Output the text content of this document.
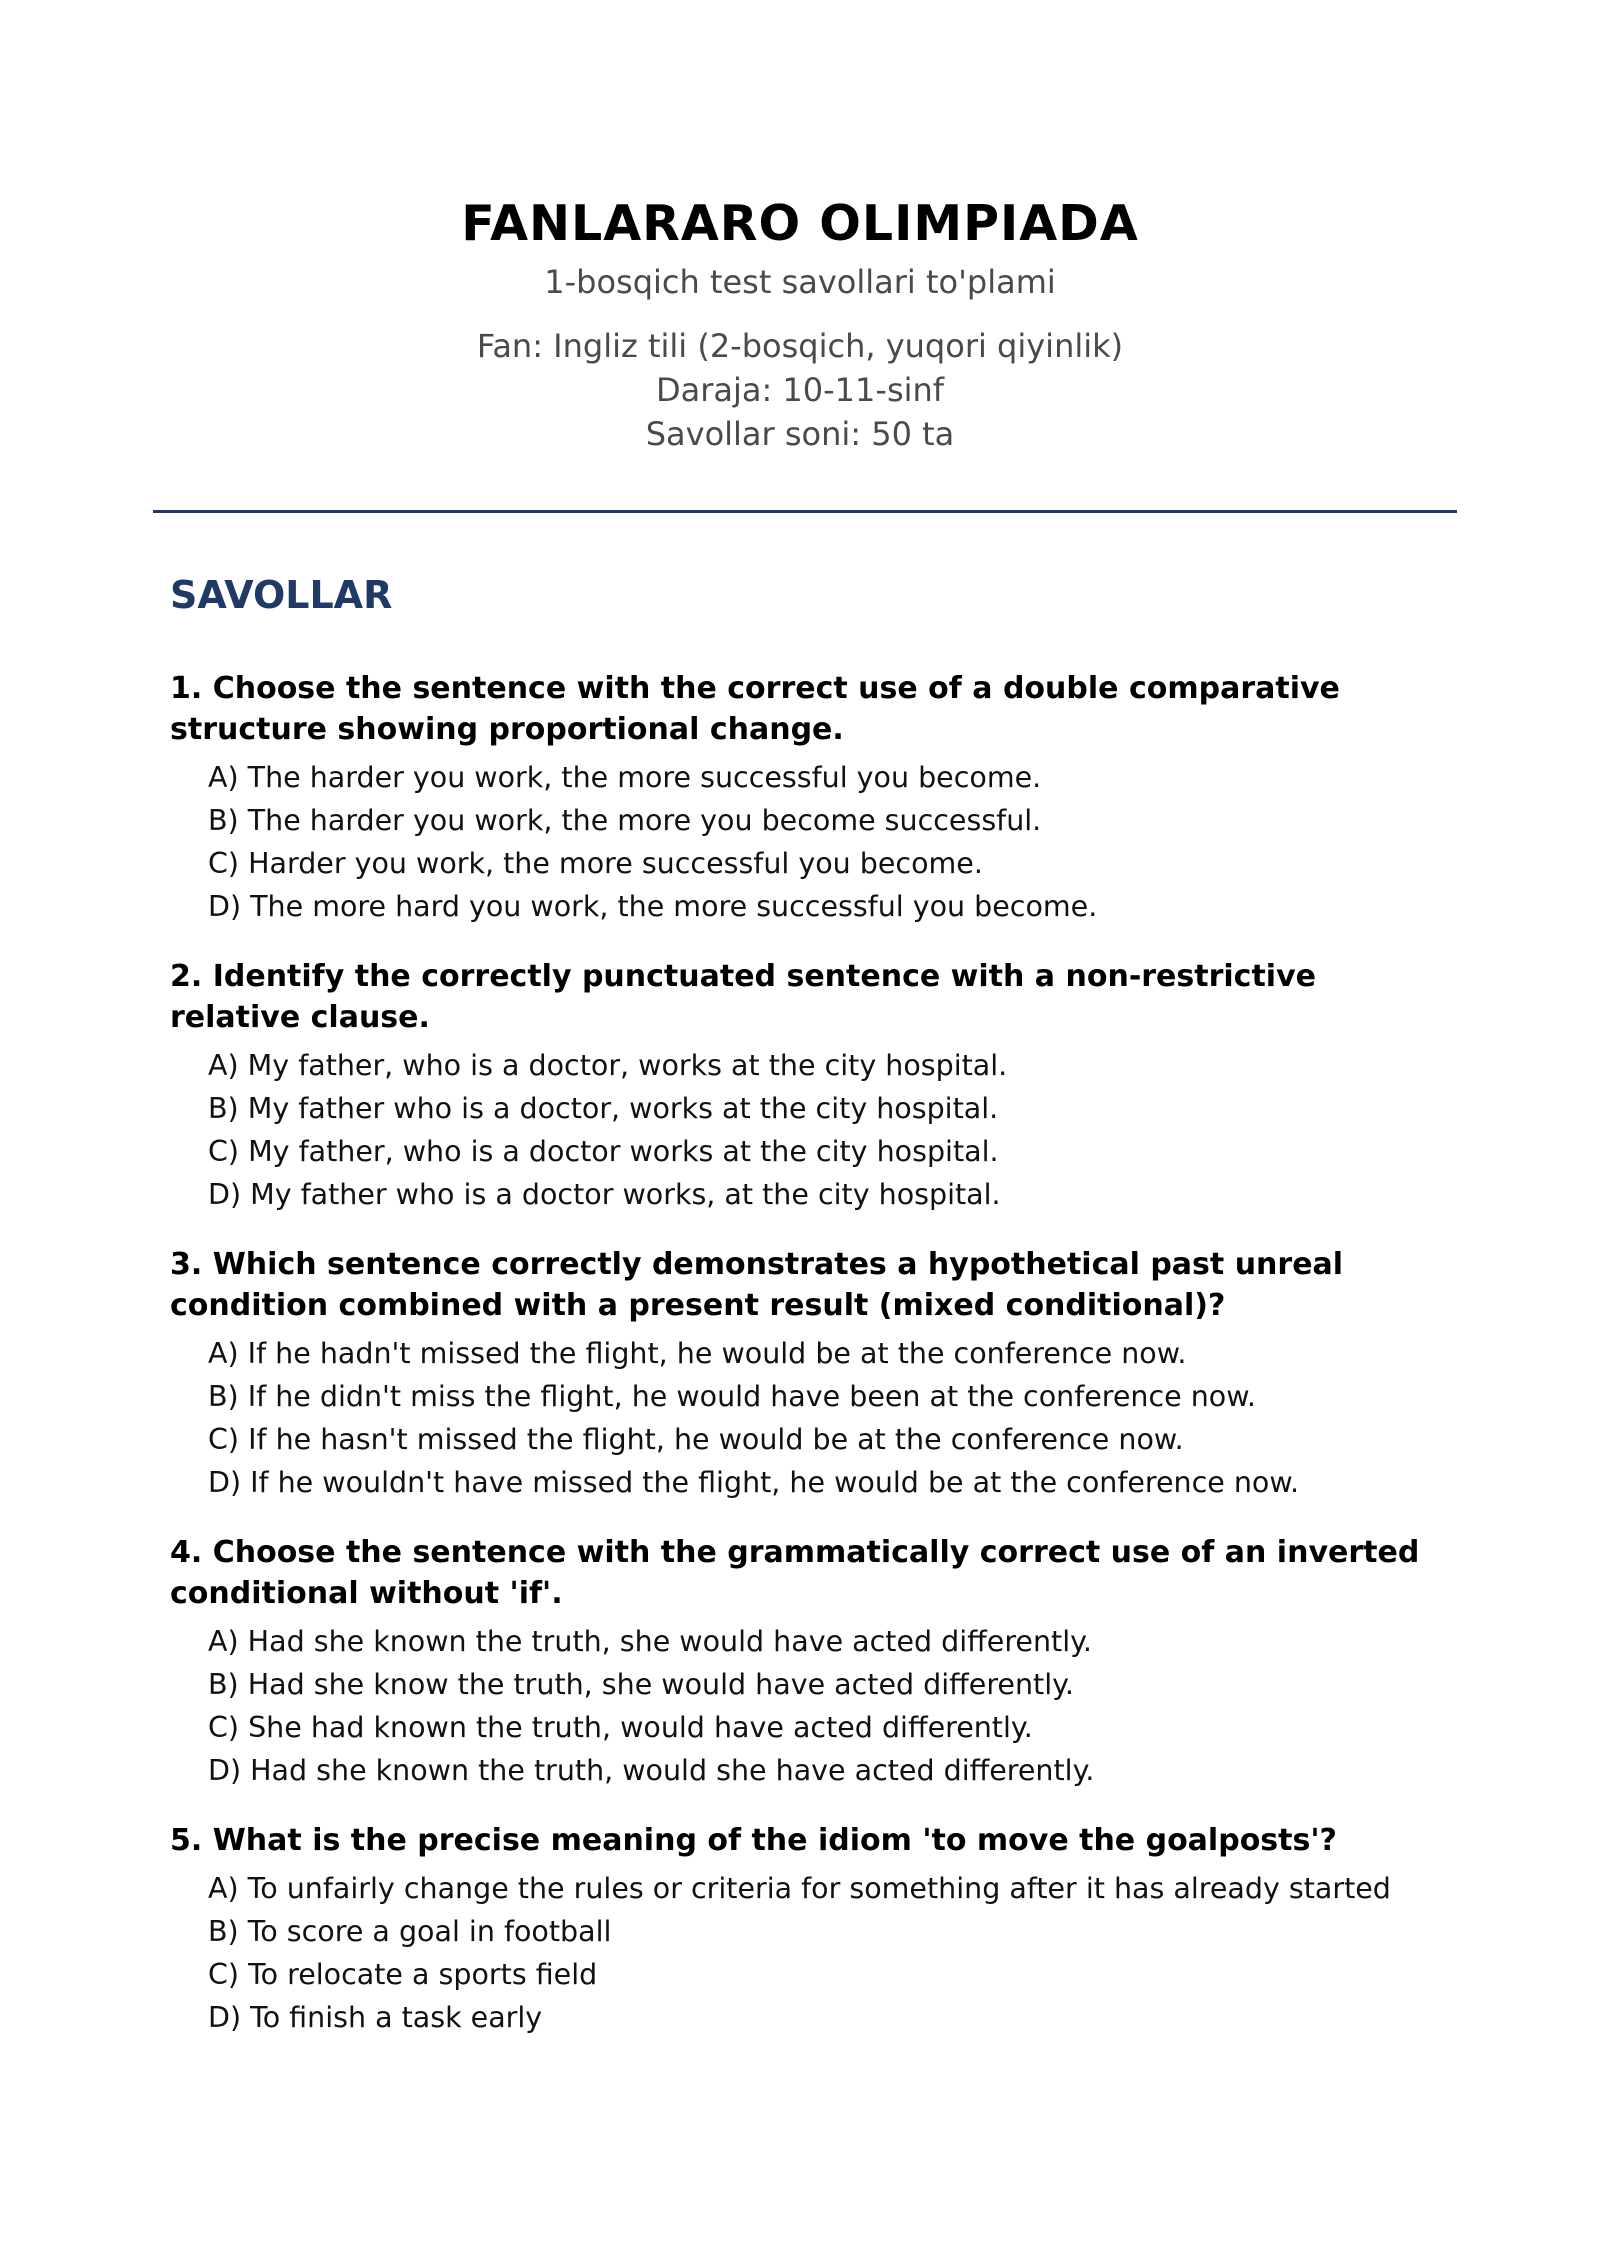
FANLARARO OLIMPIADA
1-bosqich test savollari to'plami
Fan: Ingliz tili (2-bosqich, yuqori qiyinlik)
Daraja: 10-11-sinf
Savollar soni: 50 ta
SAVOLLAR
1. Choose the sentence with the correct use of a double comparative structure showing proportional change.
A) The harder you work, the more successful you become.
B) The harder you work, the more you become successful.
C) Harder you work, the more successful you become.
D) The more hard you work, the more successful you become.
2. Identify the correctly punctuated sentence with a non-restrictive relative clause.
A) My father, who is a doctor, works at the city hospital.
B) My father who is a doctor, works at the city hospital.
C) My father, who is a doctor works at the city hospital.
D) My father who is a doctor works, at the city hospital.
3. Which sentence correctly demonstrates a hypothetical past unreal condition combined with a present result (mixed conditional)?
A) If he hadn't missed the flight, he would be at the conference now.
B) If he didn't miss the flight, he would have been at the conference now.
C) If he hasn't missed the flight, he would be at the conference now.
D) If he wouldn't have missed the flight, he would be at the conference now.
4. Choose the sentence with the grammatically correct use of an inverted conditional without 'if'.
A) Had she known the truth, she would have acted differently.
B) Had she know the truth, she would have acted differently.
C) She had known the truth, would have acted differently.
D) Had she known the truth, would she have acted differently.
5. What is the precise meaning of the idiom 'to move the goalposts'?
A) To unfairly change the rules or criteria for something after it has already started
B) To score a goal in football
C) To relocate a sports field
D) To finish a task early
